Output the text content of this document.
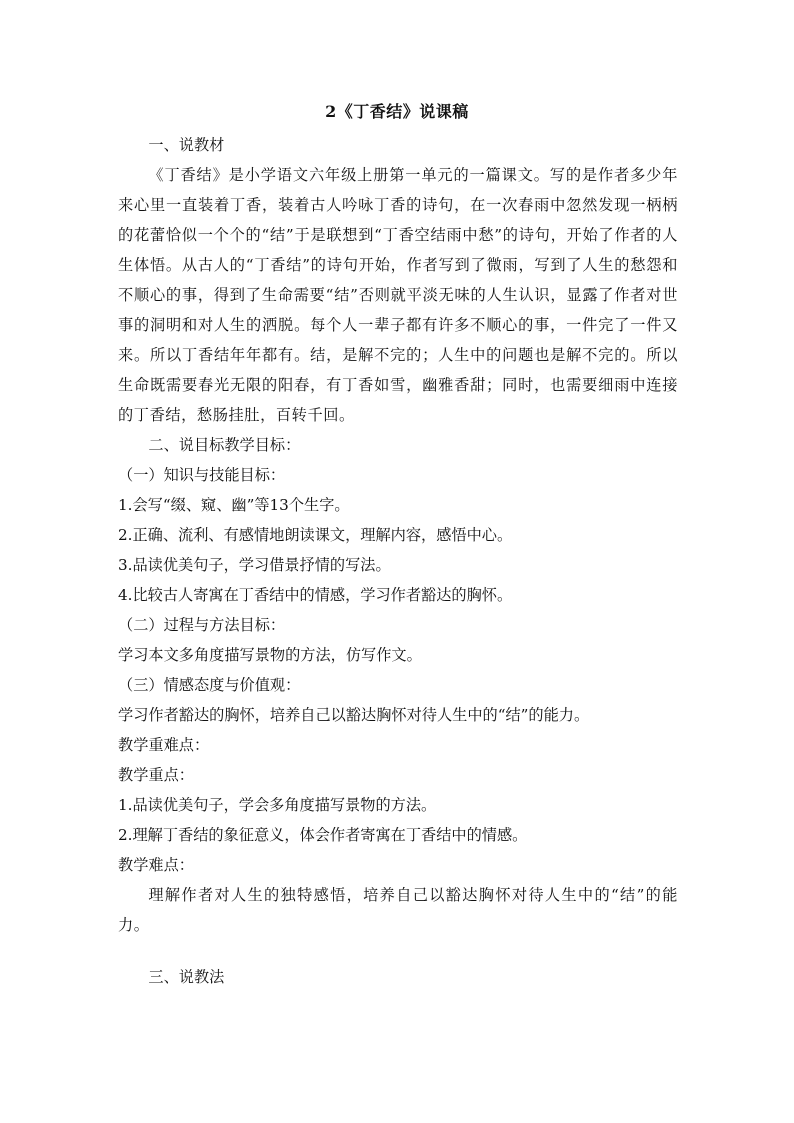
2《丁香结》说课稿

一、说教材

《丁香结》是小学语文六年级上册第一单元的一篇课文。写的是作者多少年来心里一直装着丁香，装着古人吟咏丁香的诗句，在一次春雨中忽然发现一柄柄的花蕾恰似一个个的“结”于是联想到“丁香空结雨中愁”的诗句，开始了作者的人生体悟。从古人的“丁香结”的诗句开始，作者写到了微雨，写到了人生的愁怨和不顺心的事，得到了生命需要“结”否则就平淡无味的人生认识，显露了作者对世事的洞明和对人生的洒脱。每个人一辈子都有许多不顺心的事，一件完了一件又来。所以丁香结年年都有。结，是解不完的；人生中的问题也是解不完的。所以生命既需要春光无限的阳春，有丁香如雪，幽雅香甜；同时，也需要细雨中连接的丁香结，愁肠挂肚，百转千回。

二、说目标教学目标：

（一）知识与技能目标：

1.会写“缀、窥、幽”等13个生字。

2.正确、流利、有感情地朗读课文，理解内容，感悟中心。

3.品读优美句子，学习借景抒情的写法。

4.比较古人寄寓在丁香结中的情感，学习作者豁达的胸怀。

（二）过程与方法目标：

学习本文多角度描写景物的方法，仿写作文。

（三）情感态度与价值观：

学习作者豁达的胸怀，培养自己以豁达胸怀对待人生中的“结”的能力。

教学重难点：

教学重点：

1.品读优美句子，学会多角度描写景物的方法。

2.理解丁香结的象征意义，体会作者寄寓在丁香结中的情感。

教学难点：

理解作者对人生的独特感悟，培养自己以豁达胸怀对待人生中的“结”的能力。

三、说教法
